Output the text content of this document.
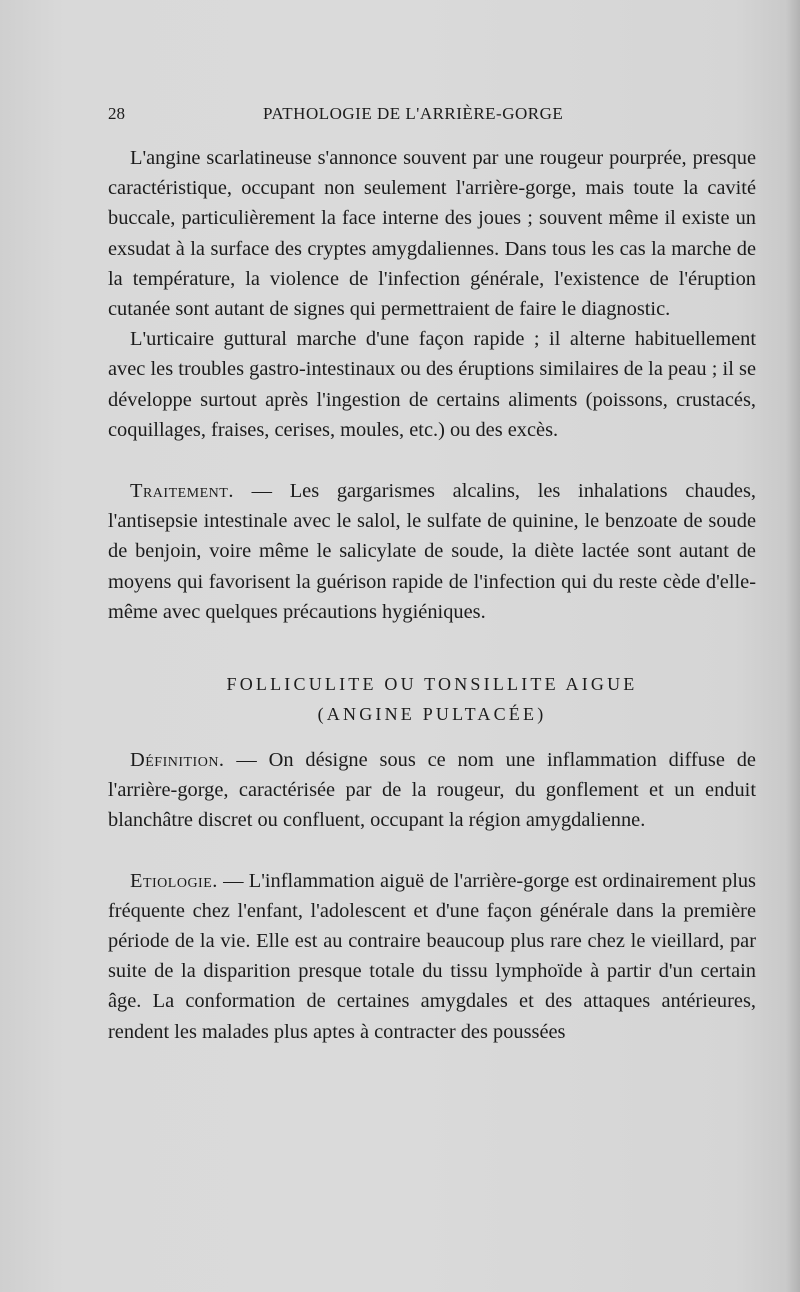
28	PATHOLOGIE DE L'ARRIÈRE-GORGE

L'angine scarlatineuse s'annonce souvent par une rougeur pourprée, presque caractéristique, occupant non seulement l'arrière-gorge, mais toute la cavité buccale, particulièrement la face interne des joues ; souvent même il existe un exsudat à la surface des cryptes amygdaliennes. Dans tous les cas la marche de la température, la violence de l'infection générale, l'existence de l'éruption cutanée sont autant de signes qui permettraient de faire le diagnostic.

L'urticaire guttural marche d'une façon rapide ; il alterne habituellement avec les troubles gastro-intestinaux ou des éruptions similaires de la peau ; il se développe surtout après l'ingestion de certains aliments (poissons, crustacés, coquillages, fraises, cerises, moules, etc.) ou des excès.

Traitement. — Les gargarismes alcalins, les inhalations chaudes, l'antisepsie intestinale avec le salol, le sulfate de quinine, le benzoate de soude de benjoin, voire même le salicylate de soude, la diète lactée sont autant de moyens qui favorisent la guérison rapide de l'infection qui du reste cède d'elle-même avec quelques précautions hygiéniques.

FOLLICULITE OU TONSILLITE AIGUE
(ANGINE PULTACÉE)

Définition. — On désigne sous ce nom une inflammation diffuse de l'arrière-gorge, caractérisée par de la rougeur, du gonflement et un enduit blanchâtre discret ou confluent, occupant la région amygdalienne.

Etiologie. — L'inflammation aiguë de l'arrière-gorge est ordinairement plus fréquente chez l'enfant, l'adolescent et d'une façon générale dans la première période de la vie. Elle est au contraire beaucoup plus rare chez le vieillard, par suite de la disparition presque totale du tissu lymphoïde à partir d'un certain âge. La conformation de certaines amygdales et des attaques antérieures, rendent les malades plus aptes à contracter des poussées
